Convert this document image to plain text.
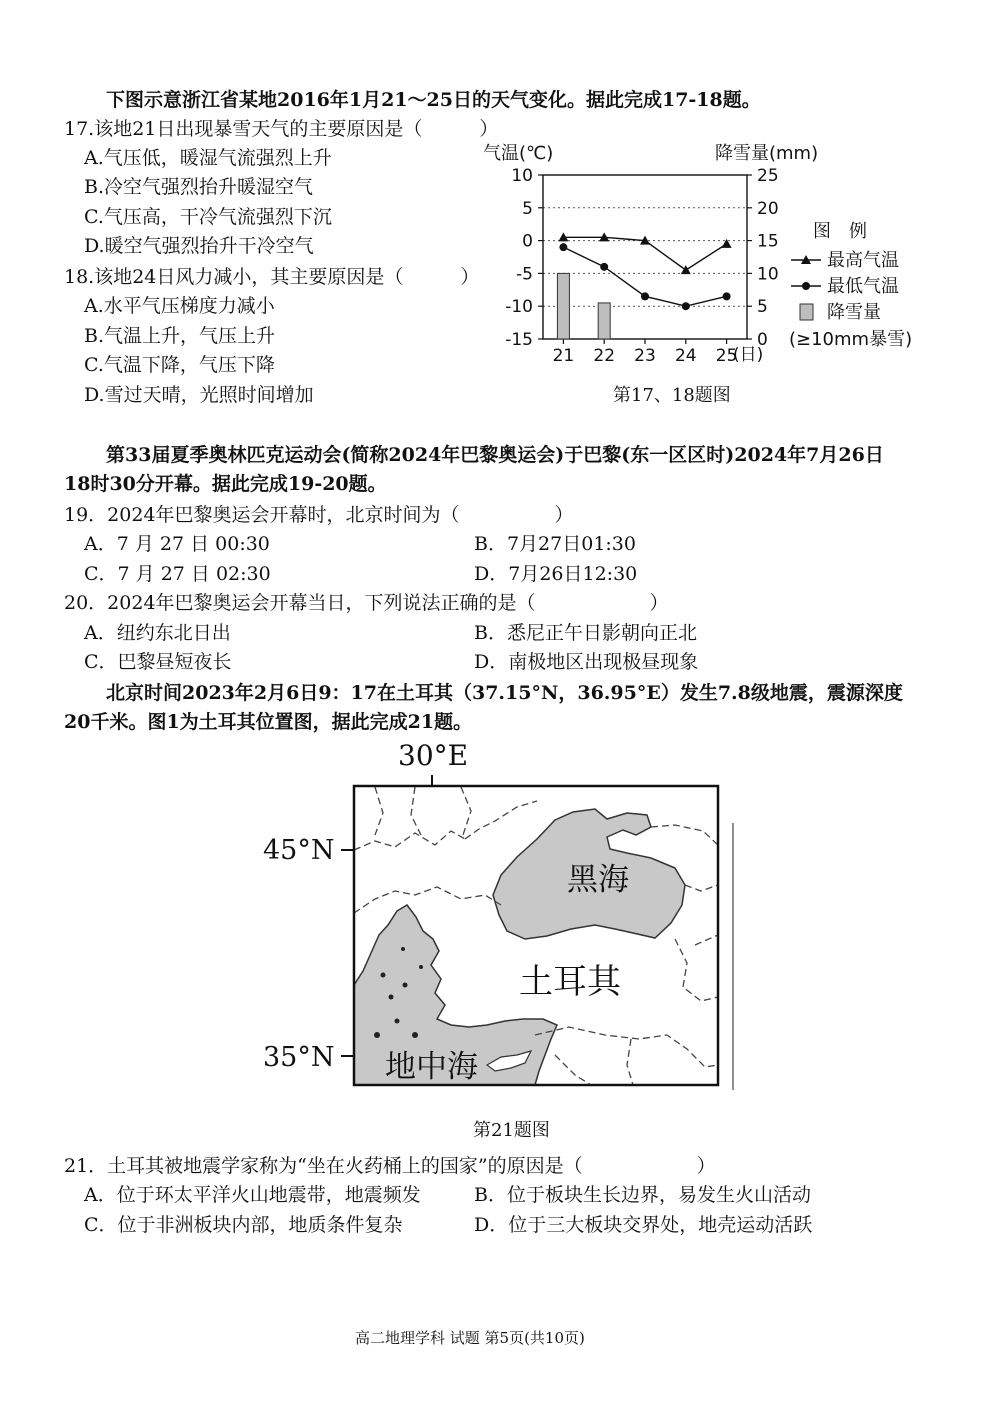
下图示意浙江省某地2016年1月21～25日的天气变化。据此完成17-18题。
17.该地21日出现暴雪天气的主要原因是（　　　）
A.气压低，暖湿气流强烈上升
B.冷空气强烈抬升暖湿空气
C.气压高，干冷气流强烈下沉
D.暖空气强烈抬升干冷空气
18.该地24日风力减小，其主要原因是（　　　）
A.水平气压梯度力减小
B.气温上升，气压上升
C.气温下降，气压下降
D.雪过天晴，光照时间增加
气温(℃)	降雪量(mm)
(日)
图　例
(≥10mm暴雪)
10
5
0
-5
-10
-15
25
20
15
10
5
0
21 22 23 24 25
最高气温
最低气温
降雪量
第17、18题图
第33届夏季奥林匹克运动会(简称2024年巴黎奥运会)于巴黎(东一区区时)2024年7月26日
18时30分开幕。据此完成19-20题。
19．2024年巴黎奥运会开幕时，北京时间为（　　　　　）
A．7 月 27 日 00:30	B．7月27日01:30
C．7 月 27 日 02:30	D．7月26日12:30
20．2024年巴黎奥运会开幕当日，下列说法正确的是（　　　　　　）
A．纽约东北日出	B．悉尼正午日影朝向正北
C．巴黎昼短夜长	D．南极地区出现极昼现象
北京时间2023年2月6日9：17在土耳其（37.15°N，36.95°E）发生7.8级地震，震源深度
20千米。图1为土耳其位置图，据此完成21题。
30°E
45°N
35°N
黑海
土耳其
地中海
第21题图
21．土耳其被地震学家称为“坐在火药桶上的国家”的原因是（　　　　　　）
A．位于环太平洋火山地震带，地震频发	B．位于板块生长边界，易发生火山活动
C．位于非洲板块内部，地质条件复杂	D．位于三大板块交界处，地壳运动活跃
高二地理学科 试题 第5页(共10页)
